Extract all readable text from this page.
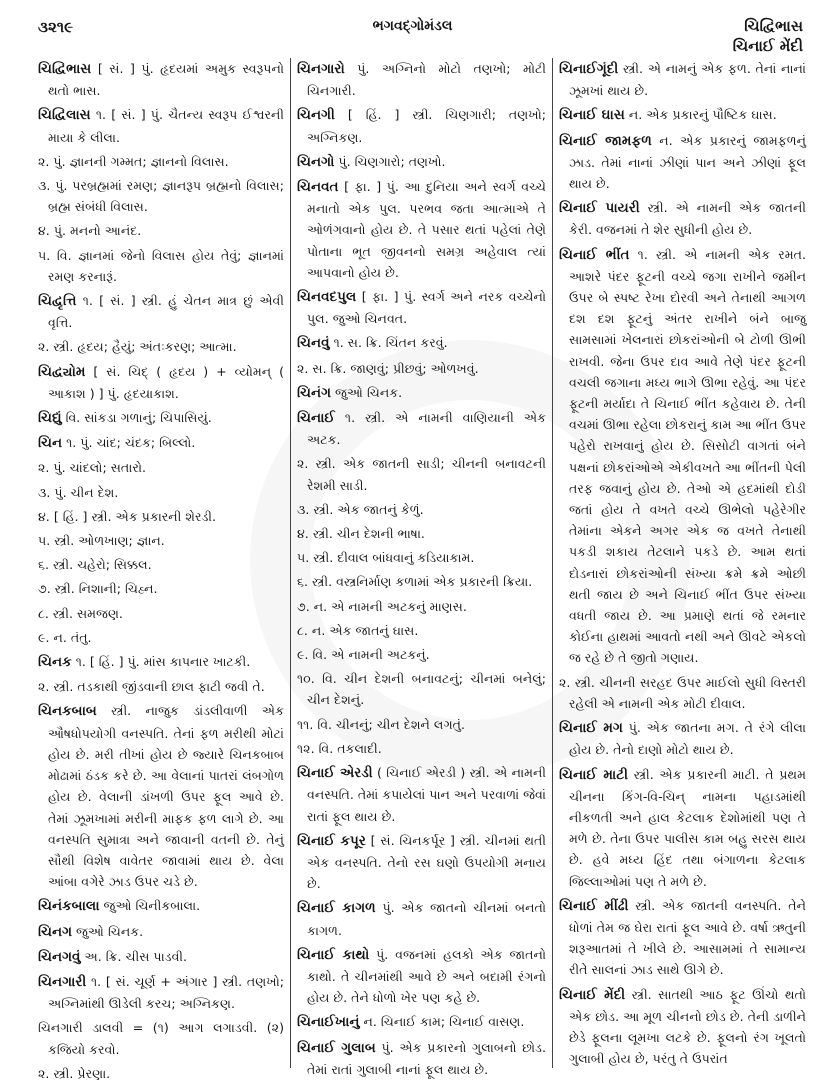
૩૨૧૯	ભગવદ્ગોમંડલ	ચિદ્વિભાસ
ચિનાઈ મેંદી
ચિદ્વિભાસ [ સં. ] પું. હૃદયમાં અમુક સ્વરૂપનો થતો ભાસ.
ચિદ્વિલાસ ૧. [ સં. ] પું. ચૈતન્ય સ્વરૂપ ઈશ્વરની માયા કે લીલા.
૨. પું. જ્ઞાનની ગમ્મત; જ્ઞાનનો વિલાસ.
૩. પું. પરબ્રહ્મમાં રમણ; જ્ઞાનરૂપ બ્રહ્મનો વિલાસ; બ્રહ્મ સંબંધી વિલાસ.
૪. પું. મનનો આનંદ.
૫. વિ. જ્ઞાનમાં જેનો વિલાસ હોય તેવું; જ્ઞાનમાં રમણ કરનારૂં.
ચિદ્વૃત્તિ ૧. [ સં. ] સ્ત્રી. હું ચેતન માત્ર છું એવી વૃત્તિ.
૨. સ્ત્રી. હૃદય; હૈયું; અંતઃકરણ; આત્મા.
ચિદ્વ્યોમ [ સં. ચિદ્ ( હૃદય ) + વ્યોમન્ ( આકાશ ) ] પું. હૃદયાકાશ.
ચિદ્યું વિ. સાંકડા ગળાનું; ચિપાસિયું.
ચિન ૧. પું. ચાંદ; ચંદક; બિલ્લો.
૨. પું. ચાંદલો; સતારો.
૩. પું. ચીન દેશ.
૪. [ હિં. ] સ્ત્રી. એક પ્રકારની શેરડી.
૫. સ્ત્રી. ઓળખાણ; જ્ઞાન.
૬. સ્ત્રી. ચહેરો; સિક્કલ.
૭. સ્ત્રી. નિશાની; ચિહ્ન.
૮. સ્ત્રી. સમજણ.
૯. ન. તંતુ.
ચિનક ૧. [ હિં. ] પું. માંસ કાપનાર ખાટકી.
૨. સ્ત્રી. તડકાથી જીંડવાની છાલ ફાટી જવી તે.
ચિનકબાબ સ્ત્રી. નાજુક ડાંડલીવાળી એક ઔષધોપયોગી વનસ્પતિ. તેનાં ફળ મરીથી મોટાં હોય છે. મરી તીખાં હોય છે જ્યારે ચિનકબાબ મોઢામાં ઠંડક કરે છે. આ વેલાનાં પાતરાં લંબગોળ હોય છે. વેલાની ડાંખળી ઉપર ફૂલ આવે છે. તેમાં ઝૂમખામાં મરીની માફક ફળ લાગે છે. આ વનસ્પતિ સુમાત્રા અને જાવાની વતની છે. તેનું સૌથી વિશેષ વાવેતર જાવામાં થાય છે. વેલા આંબા વગેરે ઝાડ ઉપર ચડે છે.
ચિનંકબાલા જુઓ ચિનીકબાલા.
ચિનગ જુઓ ચિનક.
ચિનગવું અ. ક્રિ. ચીસ પાડવી.
ચિનગારી ૧. [ સં. ચૂર્ણ + અંગાર ] સ્ત્રી. તણખો; અગ્નિમાંથી ઊડેલી કરચ; અગ્નિકણ.
ચિનગારી ડાલવી = (૧) આગ લગાડવી. (૨) કજિયો કરવો.
૨. સ્ત્રી. પ્રેરણા.
ચિનગારો પું. અગ્નિનો મોટો તણખો; મોટી ચિનગારી.
ચિનગી [ હિં. ] સ્ત્રી. ચિણગારી; તણખો; અગ્નિકણ.
ચિનગો પું. ચિણગારો; તણખો.
ચિનવત [ ફા. ] પું. આ દુનિયા અને સ્વર્ગ વચ્ચે મનાતો એક પુલ. પરભવ જતા આત્માએ તે ઓળંગવાનો હોય છે. તે પસાર થતાં પહેલાં તેણે પોતાના ભૂત જીવનનો સમગ્ર અહેવાલ ત્યાં આપવાનો હોય છે.
ચિનવદપુલ [ ફા. ] પું. સ્વર્ગ અને નરક વચ્ચેનો પુલ. જુઓ ચિનવત.
ચિનવું ૧. સ. ક્રિ. ચિંતન કરવું.
૨. સ. ક્રિ. જાણવું; પ્રીછવું; ઓળખવું.
ચિનંગ જુઓ ચિનક.
ચિનાઈ ૧. સ્ત્રી. એ નામની વાણિયાની એક અટક.
૨. સ્ત્રી. એક જાતની સાડી; ચીનની બનાવટની રેશમી સાડી.
૩. સ્ત્રી. એક જાતનું કેળું.
૪. સ્ત્રી. ચીન દેશની ભાષા.
૫. સ્ત્રી. દીવાલ બાંધવાનું કડિયાકામ.
૬. સ્ત્રી. વસ્ત્રનિર્માણ કળામાં એક પ્રકારની ક્રિયા.
૭. ન. એ નામની અટકનું માણસ.
૮. ન. એક જાતનું ઘાસ.
૯. વિ. એ નામની અટકનું.
૧૦. વિ. ચીન દેશની બનાવટનું; ચીનમાં બનેલું; ચીન દેશનું.
૧૧. વિ. ચીનનું; ચીન દેશને લગતું.
૧૨. વિ. તકલાદી.
ચિનાઈ એરડી ( ચિનાઈ એરડી ) સ્ત્રી. એ નામની વનસ્પતિ. તેમાં કપાયેલાં પાન અને પરવાળાં જેવાં રાતાં ફૂલ થાય છે.
ચિનાઈ કપૂર [ સં. ચિનકર્પૂર ] સ્ત્રી. ચીનમાં થતી એક વનસ્પતિ. તેનો રસ ઘણો ઉપયોગી મનાય છે.
ચિનાઈ કાગળ પું. એક જાતનો ચીનમાં બનતો કાગળ.
ચિનાઈ કાથો પું. વજનમાં હલકો એક જાતનો કાથો. તે ચીનમાંથી આવે છે અને બદામી રંગનો હોય છે. તેને ધોળો ખેર પણ કહે છે.
ચિનાઈખાનું ન. ચિનાઈ કામ; ચિનાઈ વાસણ.
ચિનાઈ ગુલાબ પું. એક પ્રકારનો ગુલાબનો છોડ. તેમાં રાતાં ગુલાબી નાનાં ફૂલ થાય છે.
ચિનાઈગૂંદી સ્ત્રી. એ નામનું એક ફળ. તેનાં નાનાં ઝૂમખાં થાય છે.
ચિનાઈ ઘાસ ન. એક પ્રકારનું પૌષ્ટિક ઘાસ.
ચિનાઈ જામફળ ન. એક પ્રકારનું જામફળનું ઝાડ. તેમાં નાનાં ઝીણાં પાન અને ઝીણાં ફૂલ થાય છે.
ચિનાઈ પાયરી સ્ત્રી. એ નામની એક જાતની કેરી. વજનમાં તે શેર સુધીની હોય છે.
ચિનાઈ ભીંત ૧. સ્ત્રી. એ નામની એક રમત. આશરે પંદર ફૂટની વચ્ચે જગા રાખીને જમીન ઉપર બે સ્પષ્ટ રેખા દોરવી અને તેનાથી આગળ દશ દશ ફૂટનું અંતર રાખીને બંને બાજુ સામસામાં ખેલનારાં છોકરાંઓની બે ટોળી ઊભી રાખવી. જેના ઉપર દાવ આવે તેણે પંદર ફૂટની વચલી જગાના મધ્ય ભાગે ઊભા રહેવું. આ પંદર ફૂટની મર્યાદા તે ચિનાઈ ભીંત કહેવાય છે. તેની વચમાં ઊભા રહેલા છોકરાનું કામ આ ભીંત ઉપર પહેરો રાખવાનું હોય છે. સિસોટી વાગતાં બંને પક્ષનાં છોકરાંઓએ એકીવખતે આ ભીંતની પેલી તરફ જવાનું હોય છે. તેઓ એ હદમાંથી દોડી જતાં હોય તે વખતે વચ્ચે ઊભેલો પહેરેગીર તેમાંના એકને અગર એક જ વખતે તેનાથી પકડી શકાય તેટલાને પકડે છે. આમ થતાં દોડનારાં છોકરાંઓની સંખ્યા ક્રમે ક્રમે ઓછી થતી જાય છે અને ચિનાઈ ભીંત ઉપર સંખ્યા વધતી જાય છે. આ પ્રમાણે થતાં જે રમનાર કોઈના હાથમાં આવતો નથી અને ઊવટે એકલો જ રહે છે તે જીતો ગણાય.
૨. સ્ત્રી. ચીનની સરહદ ઉપર માઈલો સુધી વિસ્તરી રહેલી એ નામની એક મોટી દીવાલ.
ચિનાઈ મગ પું. એક જાતના મગ. તે રંગે લીલા હોય છે. તેનો દાણો મોટો થાય છે.
ચિનાઈ માટી સ્ત્રી. એક પ્રકારની માટી. તે પ્રથમ ચીનના કિંગ-વિ-ચિન્ નામના પહાડમાંથી નીકળતી અને હાલ કેટલાક દેશોમાંથી પણ તે મળે છે. તેના ઉપર પાલીસ કામ બહુ સરસ થાય છે. હવે મધ્ય હિંદ તથા બંગાળના કેટલાક જિલ્લાઓમાં પણ તે મળે છે.
ચિનાઈ મીંઢી સ્ત્રી. એક જાતની વનસ્પતિ. તેને ધોળાં તેમ જ ઘેરા રાતાં ફૂલ આવે છે. વર્ષા ઋતુની શરૂઆતમાં તે ખીલે છે. આસામમાં તે સામાન્ય રીતે સાલનાં ઝાડ સાથે ઊગે છે.
ચિનાઈ મેંદી સ્ત્રી. સાતથી આઠ ફૂટ ઊંચો થતો એક છોડ. આ મૂળ ચીનનો છોડ છે. તેની ડાળીને છેડે ફૂલના લૂમખા લટકે છે. ફૂલનો રંગ ખૂલતો ગુલાબી હોય છે, પરંતુ તે ઉપરાંત
